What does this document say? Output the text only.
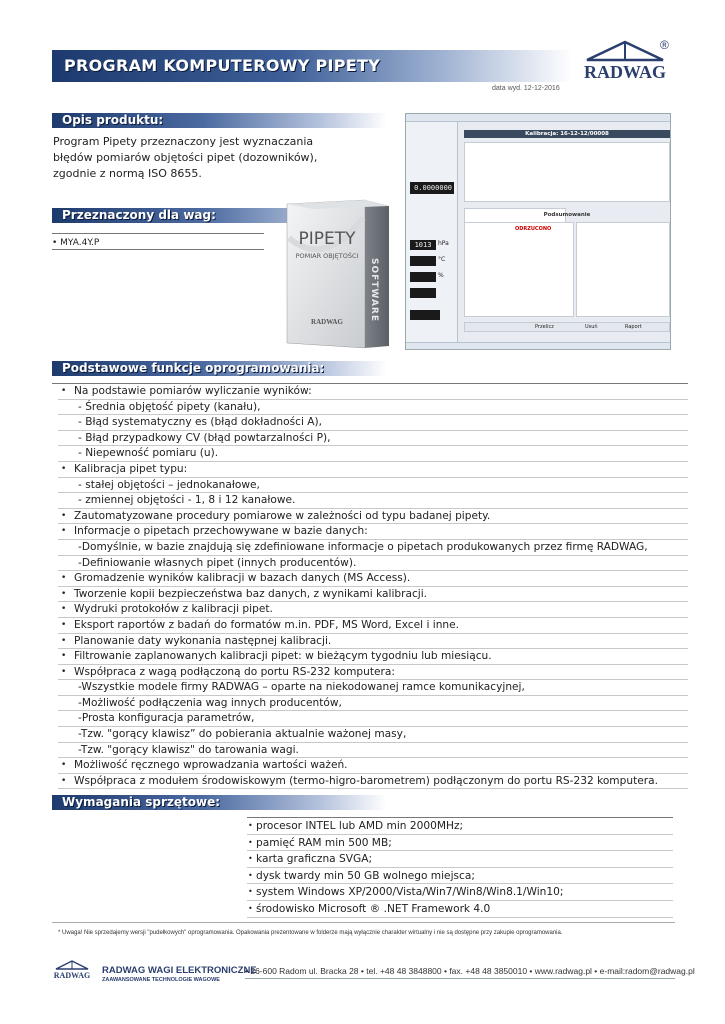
PROGRAM KOMPUTEROWY PIPETY
data wyd. 12-12-2016
RADWAG
®
Opis produktu:
Program Pipety przeznaczony jest wyznaczania
błędów pomiarów objętości pipet (dozowników),
zgodnie z normą ISO 8655.
Przeznaczony dla wag:
• MYA.4Y.P	PIPETY
POMIAR OBJĘTOŚCI
RADWAG	SOFTWARE
0.0000000
1013	hPa
°C
%
Kalibracja: 16-12-12/00008
Podsumowanie
ODRZUCONO
Przelicz	Usuń	Raport
Podstawowe funkcje oprogramowania:
• Na podstawie pomiarów wyliczanie wyników:
- Średnia objętość pipety (kanału),
- Błąd systematyczny es (błąd dokładności A),
- Błąd przypadkowy CV (błąd powtarzalności P),
- Niepewność pomiaru (u).
• Kalibracja pipet typu:
- stałej objętości – jednokanałowe,
- zmiennej objętości - 1, 8 i 12 kanałowe.
• Zautomatyzowane procedury pomiarowe w zależności od typu badanej pipety.
• Informacje o pipetach przechowywane w bazie danych:
-Domyślnie, w bazie znajdują się zdefiniowane informacje o pipetach produkowanych przez firmę RADWAG,
-Definiowanie własnych pipet (innych producentów).
• Gromadzenie wyników kalibracji w bazach danych (MS Access).
• Tworzenie kopii bezpieczeństwa baz danych, z wynikami kalibracji.
• Wydruki protokołów z kalibracji pipet.
• Eksport raportów z badań do formatów m.in. PDF, MS Word, Excel i inne.
• Planowanie daty wykonania następnej kalibracji.
• Filtrowanie zaplanowanych kalibracji pipet: w bieżącym tygodniu lub miesiącu.
• Współpraca z wagą podłączoną do portu RS-232 komputera:
-Wszystkie modele firmy RADWAG – oparte na niekodowanej ramce komunikacyjnej,
-Możliwość podłączenia wag innych producentów,
-Prosta konfiguracja parametrów,
-Tzw. "gorący klawisz” do pobierania aktualnie ważonej masy,
-Tzw. "gorący klawisz" do tarowania wagi.
• Możliwość ręcznego wprowadzania wartości ważeń.
• Współpraca z modułem środowiskowym (termo-higro-barometrem) podłączonym do portu RS-232 komputera.
Wymagania sprzętowe:
• procesor INTEL lub AMD min 2000MHz;
• pamięć RAM min 500 MB;
• karta graficzna SVGA;
• dysk twardy min 50 GB wolnego miejsca;
• system Windows XP/2000/Vista/Win7/Win8/Win8.1/Win10;
• środowisko Microsoft ® .NET Framework 4.0
* Uwaga! Nie sprzedajemy wersji "pudełkowych" oprogramowania. Opakowania prezentowane w folderze mają wyłącznie charakter wirtualny i nie są dostępne przy zakupie oprogramowania.
RADWAG RADWAG WAGI ELEKTRONICZNE
ZAAWANSOWANE TECHNOLOGIE WAGOWE
• 26-600 Radom ul. Bracka 28 • tel. +48 48 3848800 • fax. +48 48 3850010 • www.radwag.pl • e-mail:radom@radwag.pl
